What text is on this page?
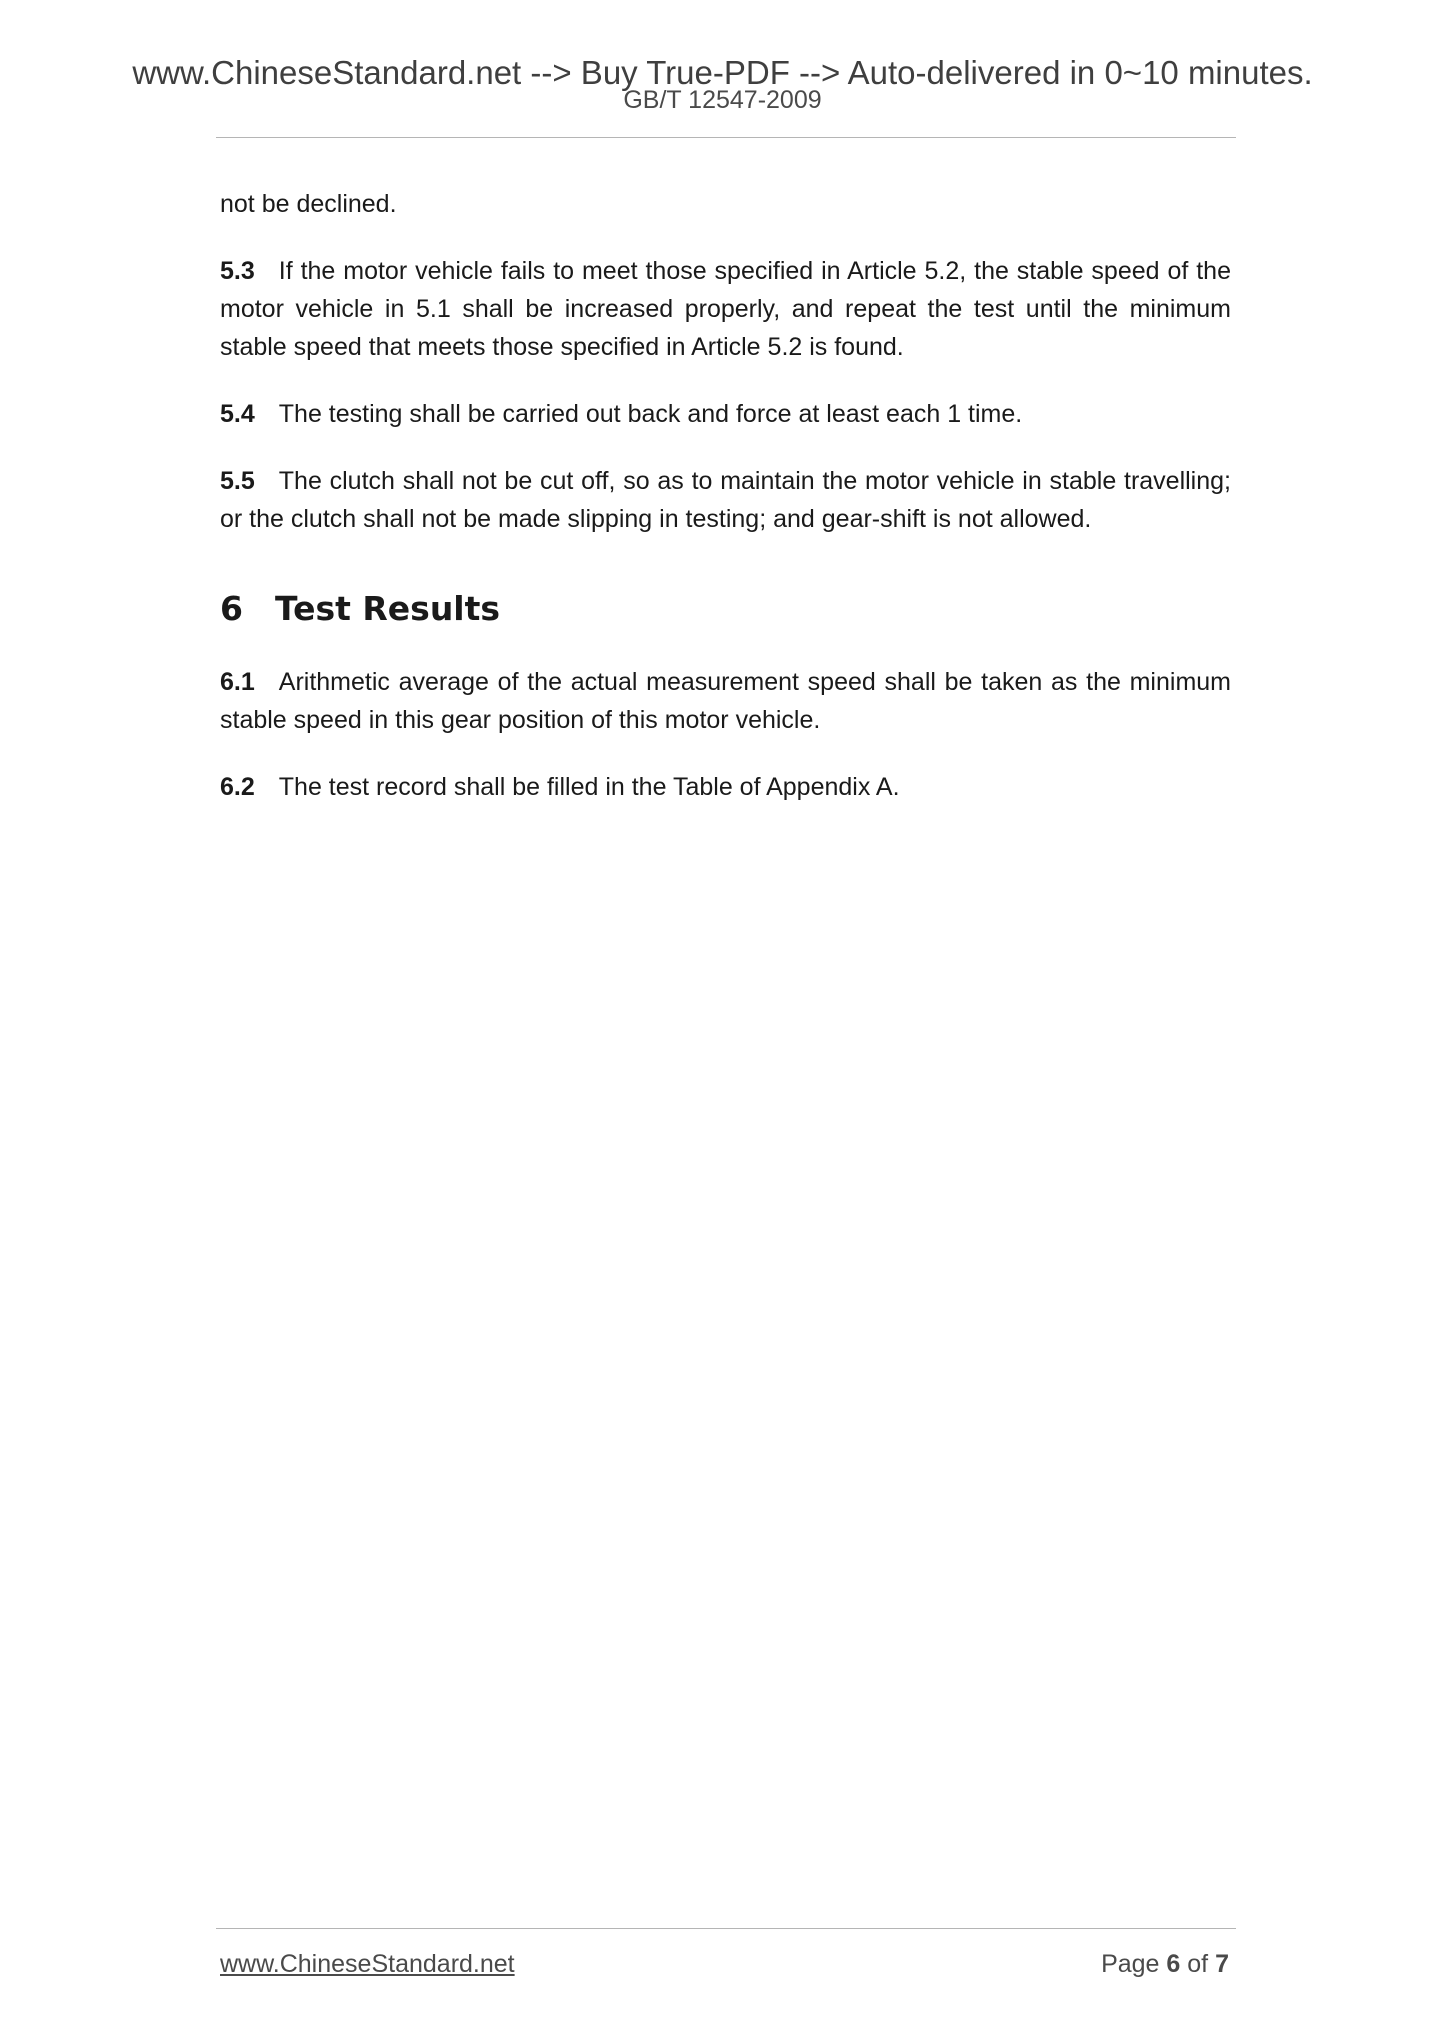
www.ChineseStandard.net --> Buy True-PDF --> Auto-delivered in 0~10 minutes.
GB/T 12547-2009

not be declined.

5.3 If the motor vehicle fails to meet those specified in Article 5.2, the stable speed of the motor vehicle in 5.1 shall be increased properly, and repeat the test until the minimum stable speed that meets those specified in Article 5.2 is found.

5.4 The testing shall be carried out back and force at least each 1 time.

5.5 The clutch shall not be cut off, so as to maintain the motor vehicle in stable travelling; or the clutch shall not be made slipping in testing; and gear-shift is not allowed.

6 Test Results

6.1 Arithmetic average of the actual measurement speed shall be taken as the minimum stable speed in this gear position of this motor vehicle.

6.2 The test record shall be filled in the Table of Appendix A.

www.ChineseStandard.net	Page 6 of 7
